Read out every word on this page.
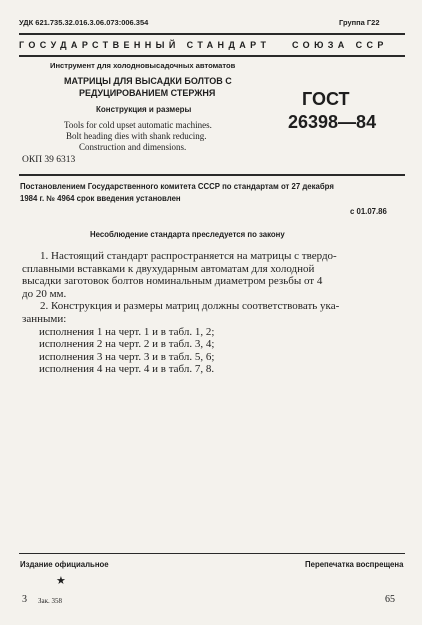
УДК 621.735.32.016.3.06.073:006.354	Группа Г22
ГОСУДАРСТВЕННЫЙ СТАНДАРТ СОЮЗА ССР
Инструмент для холодновысадочных автоматов
МАТРИЦЫ ДЛЯ ВЫСАДКИ БОЛТОВ С
РЕДУЦИРОВАНИЕМ СТЕРЖНЯ
Конструкция и размеры
Tools for cold upset automatic machines.
Bolt heading dies with shank reducing.
Construction and dimensions.
ОКП 39 6313
ГОСТ
26398—84
Постановлением Государственного комитета СССР по стандартам от 27 декабря
1984 г. № 4964 срок введения установлен
с 01.07.86
Несоблюдение стандарта преследуется по закону
1. Настоящий стандарт распространяется на матрицы с твердо-
сплавными вставками к двухударным автоматам для холодной
высадки заготовок болтов номинальным диаметром резьбы от 4
до 20 мм.
2. Конструкция и размеры матриц должны соответствовать ука-
занными:
исполнения 1 на черт. 1 и в табл. 1, 2;
исполнения 2 на черт. 2 и в табл. 3, 4;
исполнения 3 на черт. 3 и в табл. 5, 6;
исполнения 4 на черт. 4 и в табл. 7, 8.
Издание официальное	Перепечатка воспрещена
★
3 Зак. 358	65
